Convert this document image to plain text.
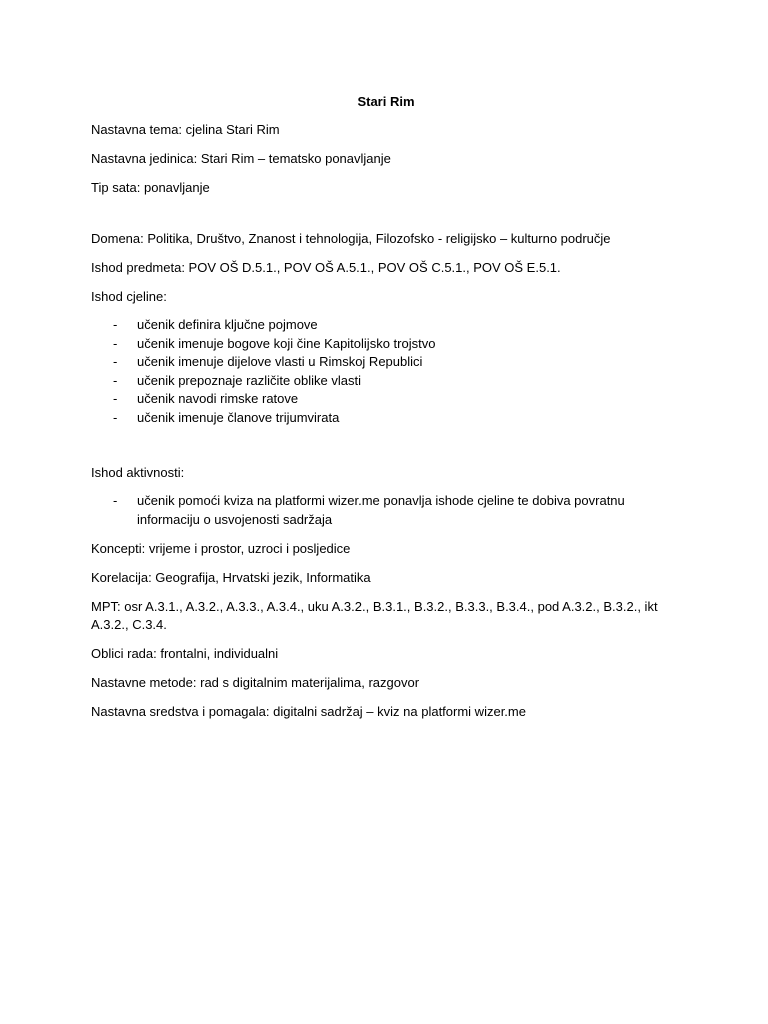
Stari Rim
Nastavna tema: cjelina Stari Rim
Nastavna jedinica: Stari Rim – tematsko ponavljanje
Tip sata: ponavljanje
Domena: Politika, Društvo, Znanost i tehnologija, Filozofsko - religijsko – kulturno područje
Ishod predmeta: POV OŠ D.5.1., POV OŠ A.5.1., POV OŠ C.5.1., POV OŠ E.5.1.
Ishod cjeline:
- učenik definira ključne pojmove
- učenik imenuje bogove koji čine Kapitolijsko trojstvo
- učenik imenuje dijelove vlasti u Rimskoj Republici
- učenik prepoznaje različite oblike vlasti
- učenik navodi rimske ratove
- učenik imenuje članove trijumvirata
Ishod aktivnosti:
- učenik pomoći kviza na platformi wizer.me ponavlja ishode cjeline te dobiva povratnu informaciju o usvojenosti sadržaja
Koncepti: vrijeme i prostor, uzroci i posljedice
Korelacija: Geografija, Hrvatski jezik, Informatika
MPT: osr A.3.1., A.3.2., A.3.3., A.3.4., uku A.3.2., B.3.1., B.3.2., B.3.3., B.3.4., pod A.3.2., B.3.2., ikt A.3.2., C.3.4.
Oblici rada: frontalni, individualni
Nastavne metode: rad s digitalnim materijalima, razgovor
Nastavna sredstva i pomagala: digitalni sadržaj – kviz na platformi wizer.me
